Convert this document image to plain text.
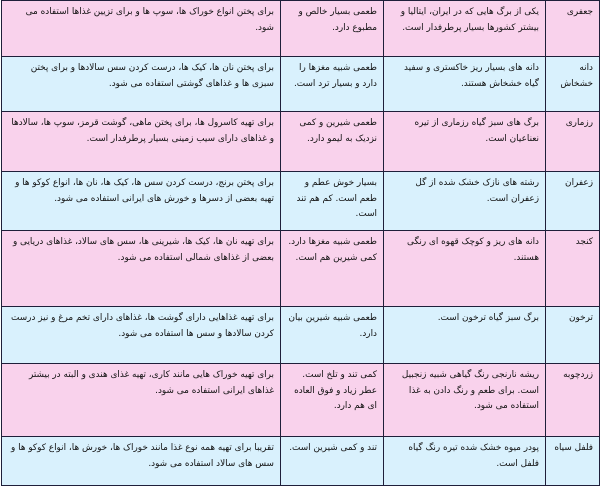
جعفری	یکی از برگ هایی که در ایران، ایتالیا و بیشتر کشورها بسیار پرطرفدار است.	طعمی بسیار خالص و مطبوع دارد.	برای پختن انواع خوراک ها، سوپ ها و برای تزیین غذاها استفاده می شود.
دانه خشخاش	دانه های بسیار ریز خاکستری و سفید گیاه خشخاش هستند.	طعمی شبیه مغزها را دارد و بسیار ترد است.	برای پختن نان ها، کیک ها، درست کردن سس سالادها و برای پختن سبزی ها و غذاهای گوشتی استفاده می شود.
رزماری	برگ های سبز گیاه رزماری از تیره نعناعیان است.	طعمی شیرین و کمی نزدیک به لیمو دارد.	برای تهیه کاسرول ها، برای پختن ماهی، گوشت قرمز، سوپ ها، سالادها و غذاهای دارای سیب زمینی بسیار پرطرفدار است.
زعفران	رشته های نازک خشک شده از گل زعفران است.	بسیار خوش عطم و طعم است. کم هم تند است.	برای پختن برنج، درست کردن سس ها، کیک ها، نان ها، انواع کوکو ها و تهیه بعضی از دسرها و خورش های ایرانی استفاده می شود.
کنجد	دانه های ریز و کوچک قهوه ای رنگی هستند.	طعمی شبیه مغزها دارد. کمی شیرین هم است.	برای تهیه نان ها، کیک ها، شیرینی ها، سس های سالاد، غذاهای دریایی و بعضی از غذاهای شمالی استفاده می شود.
ترخون	برگ سبز گیاه ترخون است.	طعمی شبیه شیرین بیان دارد.	برای تهیه غذاهایی دارای گوشت ها، غذاهای دارای تخم مرغ و نیز درست کردن سالادها و سس ها استفاده می شود.
زردچوبه	ریشه نارنجی رنگ گیاهی شبیه زنجبیل است. برای طعم و رنگ دادن به غذا استفاده می شود.	کمی تند و تلخ است. عطر زیاد و فوق العاده ای هم دارد.	برای تهیه خوراک هایی مانند کاری، تهیه غذای هندی و البته در بیشتر غذاهای ایرانی استفاده می شود.
فلفل سیاه	پودر میوه خشک شده تیره رنگ گیاه فلفل است.	تند و کمی شیرین است.	تقریبا برای تهیه همه نوع غذا مانند خوراک ها، خورش ها، انواع کوکو ها و سس های سالاد استفاده می شود.
